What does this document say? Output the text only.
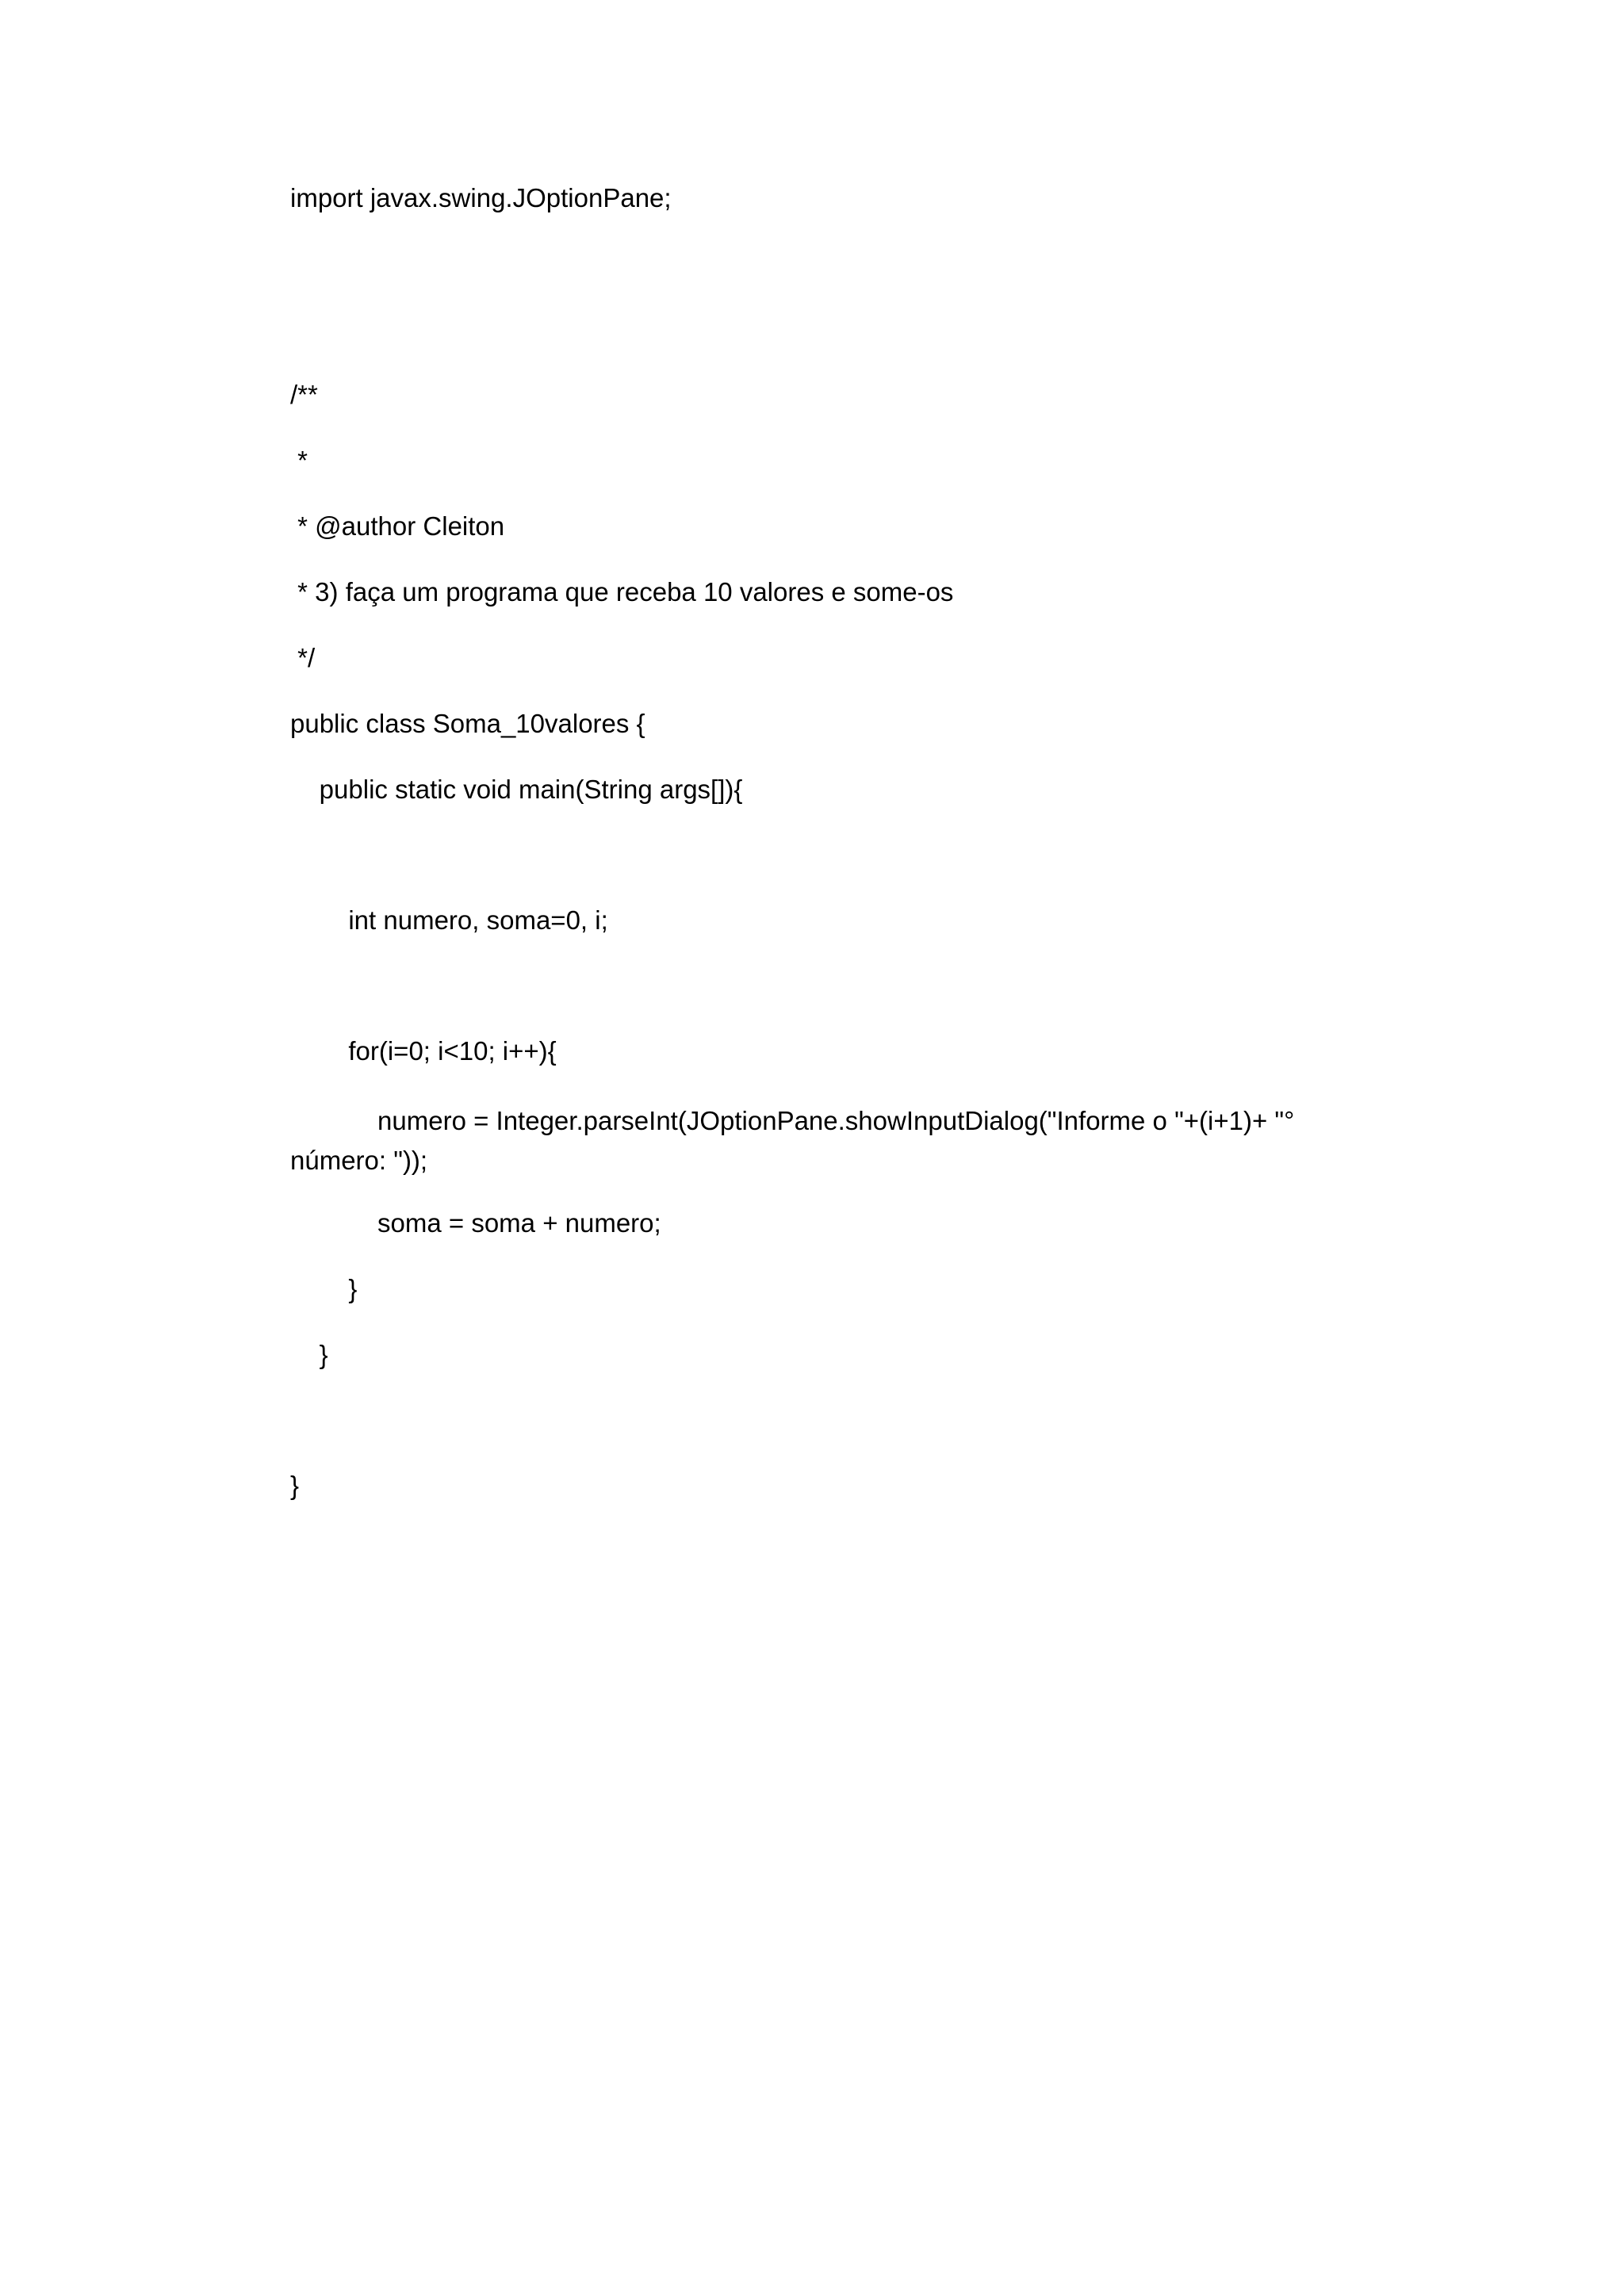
import javax.swing.JOptionPane;
/**
*
* @author Cleiton
* 3) faça um programa que receba 10 valores e some-os
*/
public class Soma_10valores {
public static void main(String args[]){
int numero, soma=0, i;
for(i=0; i<10; i++){
numero = Integer.parseInt(JOptionPane.showInputDialog("Informe o "+(i+1)+ "° número: "));
soma = soma + numero;
}
}
}
